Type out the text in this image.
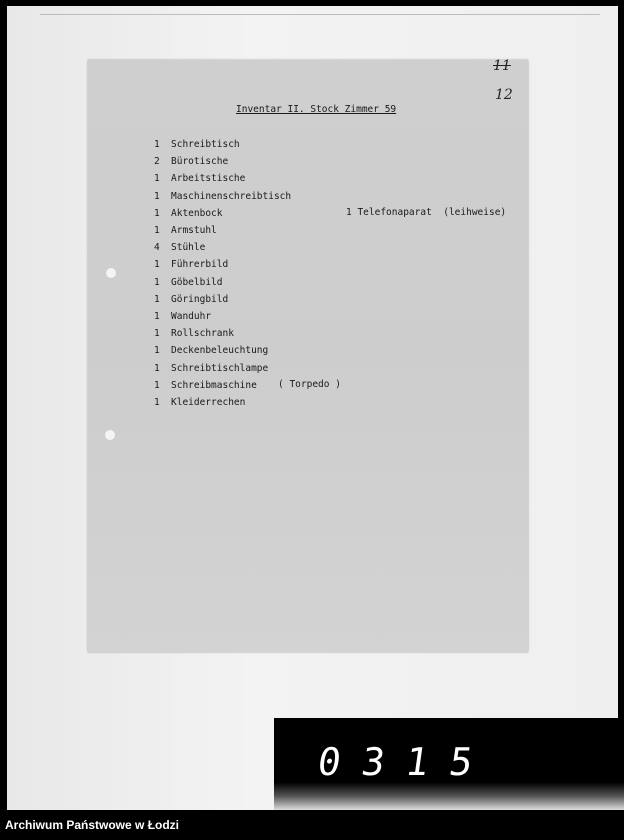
11
12
Inventar II. Stock Zimmer 59
1 Schreibtisch
2 Bürotische
1 Arbeitstische
1 Maschinenschreibtisch
1 Aktenbock
1 Armstuhl
4 Stühle
1 Führerbild
1 Göbelbild
1 Göringbild
1 Wanduhr
1 Rollschrank
1 Deckenbeleuchtung
1 Schreibtischlampe
1 Schreibmaschine
1 Kleiderrechen
1 Telefonaparat  (leihweise)
( Torpedo )
0315
Archiwum Państwowe w Łodzi
